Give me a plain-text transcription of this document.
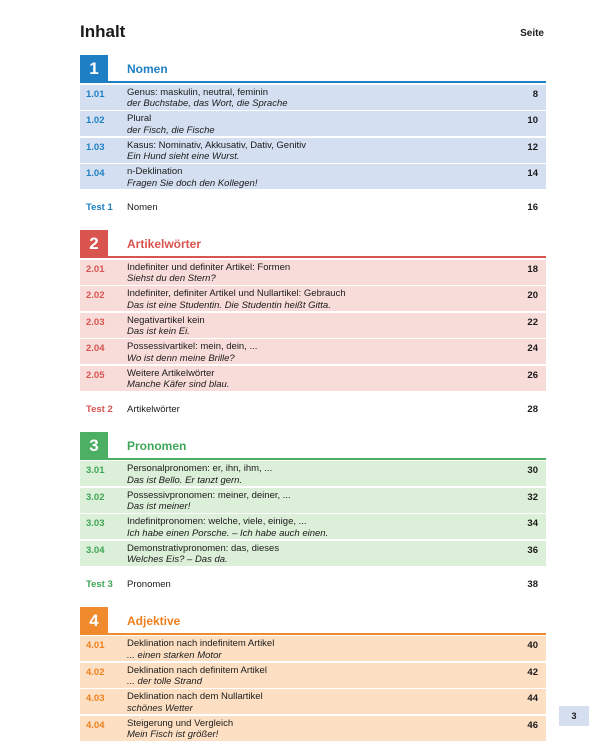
Inhalt	Seite
1	Nomen
1.01 Genus: maskulin, neutral, feminin
der Buchstabe, das Wort, die Sprache
8
1.02 Plural
der Fisch, die Fische
10
1.03 Kasus: Nominativ, Akkusativ, Dativ, Genitiv
Ein Hund sieht eine Wurst.
12
1.04 n-Deklination
Fragen Sie doch den Kollegen!
14
Test 1 Nomen	16
2	Artikelwörter
2.01 Indefiniter und definiter Artikel: Formen
Siehst du den Stern?
18
2.02 Indefiniter, definiter Artikel und Nullartikel: Gebrauch
Das ist eine Studentin. Die Studentin heißt Gitta.
20
2.03 Negativartikel kein
Das ist kein Ei.
22
2.04 Possessivartikel: mein, dein, ...
Wo ist denn meine Brille?
24
2.05 Weitere Artikelwörter
Manche Käfer sind blau.
26
Test 2 Artikelwörter	28
3	Pronomen
3.01 Personalpronomen: er, ihn, ihm, ...
Das ist Bello. Er tanzt gern.
30
3.02 Possessivpronomen: meiner, deiner, ...
Das ist meiner!
32
3.03 Indefinitpronomen: welche, viele, einige, ...
Ich habe einen Porsche. – Ich habe auch einen.
34
3.04 Demonstrativpronomen: das, dieses
Welches Eis? – Das da.
36
Test 3 Pronomen	38
4	Adjektive
4.01 Deklination nach indefinitem Artikel
... einen starken Motor
40
4.02 Deklination nach definitem Artikel
... der tolle Strand
42
4.03 Deklination nach dem Nullartikel
schönes Wetter
44
4.04 Steigerung und Vergleich
Mein Fisch ist größer!
46
3
